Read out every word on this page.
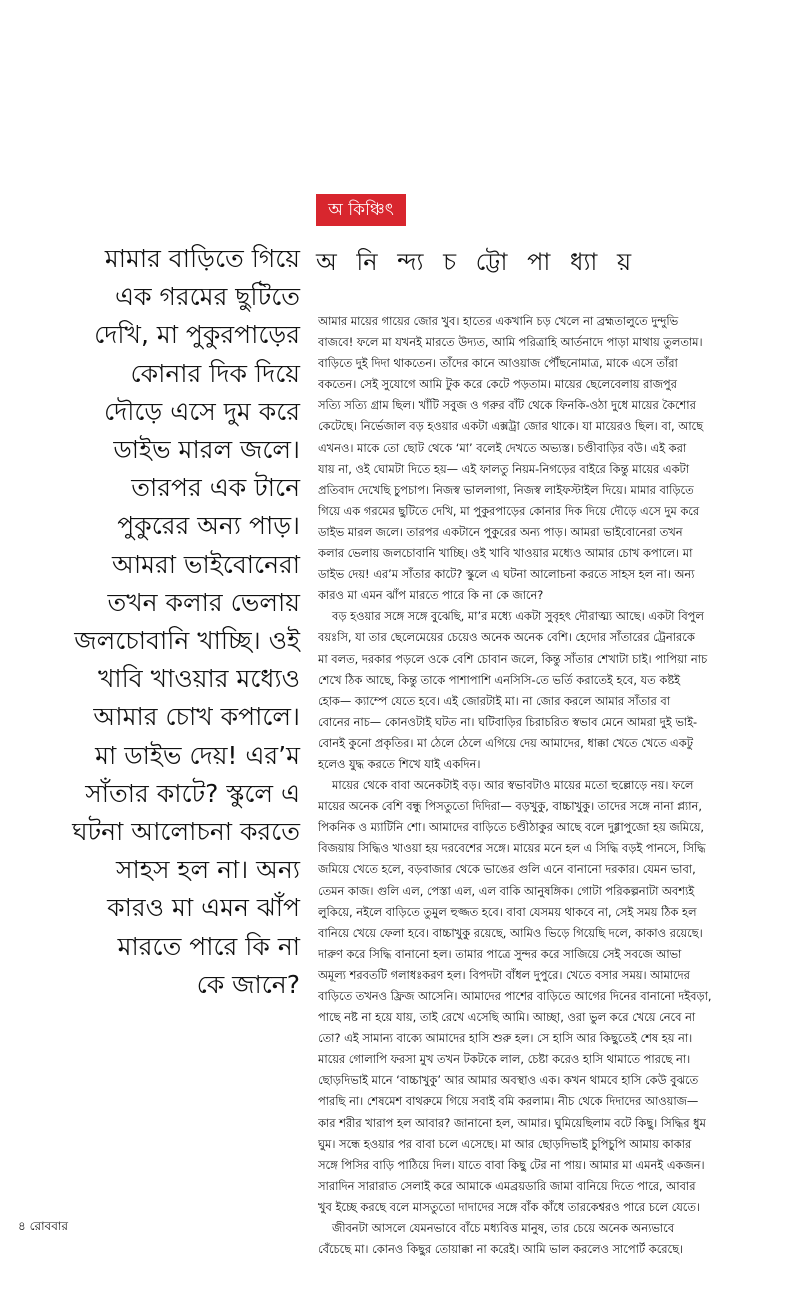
অ কিঞ্চিৎ
অ নি ন্দ্য চ ট্টো পা ধ্যা য়
মামার বাড়িতে গিয়ে
এক গরমের ছুটিতে
দেখি, মা পুকুরপাড়ের
কোনার দিক দিয়ে
দৌড়ে এসে দুম করে
ডাইভ মারল জলে।
তারপর এক টানে
পুকুরের অন্য পাড়।
আমরা ভাইবোনেরা
তখন কলার ভেলায়
জলচোবানি খাচ্ছি। ওই
খাবি খাওয়ার মধ্যেও
আমার চোখ কপালে।
মা ডাইভ দেয়! এর’ম
সাঁতার কাটে? স্কুলে এ
ঘটনা আলোচনা করতে
সাহস হল না। অন্য
কারও মা এমন ঝাঁপ
মারতে পারে কি না
কে জানে?
আমার মায়ের গায়ের জোর খুব। হাতের একখানি চড় খেলে না ব্রহ্মতালুতে দুন্দুভি
বাজবে! ফলে মা যখনই মারতে উদ্যত, আমি পরিত্রাহি আর্তনাদে পাড়া মাথায় তুলতাম।
বাড়িতে দুই দিদা থাকতেন। তাঁদের কানে আওয়াজ পৌঁছনোমাত্র, মাকে এসে তাঁরা
বকতেন। সেই সুযোগে আমি টুক করে কেটে পড়তাম। মায়ের ছেলেবেলায় রাজপুর
সত্যি সত্যি গ্রাম ছিল। খাঁটি সবুজ ও গরুর বাঁট থেকে ফিনকি-ওঠা দুধে মায়ের কৈশোর
কেটেছে। নির্ভেজাল বড় হওয়ার একটা এক্সট্রা জোর থাকে। যা মায়েরও ছিল। বা, আছে
এখনও। মাকে তো ছোট থেকে ‘মা’ বলেই দেখতে অভ্যস্ত। চণ্ডীবাড়ির বউ। এই করা
যায় না, ওই ঘোমটা দিতে হয়— এই ফালতু নিয়ম-নিগড়ের বাইরে কিন্তু মায়ের একটা
প্রতিবাদ দেখেছি চুপচাপ। নিজস্ব ভাললাগা, নিজস্ব লাইফস্টাইল দিয়ে। মামার বাড়িতে
গিয়ে এক গরমের ছুটিতে দেখি, মা পুকুরপাড়ের কোনার দিক দিয়ে দৌড়ে এসে দুম করে
ডাইভ মারল জলে। তারপর একটানে পুকুরের অন্য পাড়। আমরা ভাইবোনেরা তখন
কলার ভেলায় জলচোবানি খাচ্ছি। ওই খাবি খাওয়ার মধ্যেও আমার চোখ কপালে। মা
ডাইভ দেয়! এর’ম সাঁতার কাটে? স্কুলে এ ঘটনা আলোচনা করতে সাহস হল না। অন্য
কারও মা এমন ঝাঁপ মারতে পারে কি না কে জানে?
বড় হওয়ার সঙ্গে সঙ্গে বুঝেছি, মা’র মধ্যে একটা সুবৃহৎ দৌরাত্ম্য আছে। একটা বিপুল
বয়ঃসি, যা তার ছেলেমেয়ের চেয়েও অনেক অনেক বেশি। হেদোর সাঁতারের ট্রেনারকে
মা বলত, দরকার পড়লে ওকে বেশি চোবান জলে, কিন্তু সাঁতার শেখাটা চাই। পাপিয়া নাচ
শেখে ঠিক আছে, কিন্তু তাকে পাশাপাশি এনসিসি-তে ভর্তি করাতেই হবে, যত কষ্টই
হোক— ক্যাম্পে যেতে হবে। এই জোরটাই মা। না জোর করলে আমার সাঁতার বা
বোনের নাচ— কোনওটাই ঘটত না। ঘটিবাড়ির চিরাচরিত স্বভাব মেনে আমরা দুই ভাই-
বোনই কুনো প্রকৃতির। মা ঠেলে ঠেলে এগিয়ে দেয় আমাদের, ধাক্কা খেতে খেতে একটু
হলেও যুদ্ধ করতে শিখে যাই একদিন।
মায়ের থেকে বাবা অনেকটাই বড়। আর স্বভাবটাও মায়ের মতো হুল্লোড়ে নয়। ফলে
মায়ের অনেক বেশি বন্ধু পিসতুতো দিদিরা— বড়খুকু, বাচ্চাখুকু। তাদের সঙ্গে নানা প্ল্যান,
পিকনিক ও ম্যাটিনি শো। আমাদের বাড়িতে চণ্ডীঠাকুর আছে বলে দুগ্গাপুজো হয় জমিয়ে,
বিজয়ায় সিদ্ধিও খাওয়া হয় দরবেশের সঙ্গে। মায়ের মনে হল এ সিদ্ধি বড়ই পানসে, সিদ্ধি
জমিয়ে খেতে হলে, বড়বাজার থেকে ভাঙের গুলি এনে বানানো দরকার। যেমন ভাবা,
তেমন কাজ। গুলি এল, পেস্তা এল, এল বাকি আনুষঙ্গিক। গোটা পরিকল্পনাটা অবশ্যই
লুকিয়ে, নইলে বাড়িতে তুমুল হুজ্জত হবে। বাবা যেসময় থাকবে না, সেই সময় ঠিক হল
বানিয়ে খেয়ে ফেলা হবে। বাচ্চাখুকু রয়েছে, আমিও ভিড়ে গিয়েছি দলে, কাকাও রয়েছে।
দারুণ করে সিদ্ধি বানানো হল। তামার পাত্রে সুন্দর করে সাজিয়ে সেই সবজে আভা
অমূল্য শরবতটি গলাধঃকরণ হল। বিপদটা বাঁধল দুপুরে। খেতে বসার সময়। আমাদের
বাড়িতে তখনও ফ্রিজ আসেনি। আমাদের পাশের বাড়িতে আগের দিনের বানানো দইবড়া,
পাছে নষ্ট না হয়ে যায়, তাই রেখে এসেছি আমি। আচ্ছা, ওরা ভুল করে খেয়ে নেবে না
তো? এই সামান্য বাক্যে আমাদের হাসি শুরু হল। সে হাসি আর কিছুতেই শেষ হয় না।
মায়ের গোলাপি ফরসা মুখ তখন টকটকে লাল, চেষ্টা করেও হাসি থামাতে পারছে না।
ছোড়দিভাই মানে ‘বাচ্চাখুকু’ আর আমার অবস্থাও এক। কখন থামবে হাসি কেউ বুঝতে
পারছি না। শেষমেশ বাথরুমে গিয়ে সবাই বমি করলাম। নীচ থেকে দিদাদের আওয়াজ—
কার শরীর খারাপ হল আবার? জানানো হল, আমার। ঘুমিয়েছিলাম বটে কিছু। সিদ্ধির ধুম
ঘুম। সন্ধে হওয়ার পর বাবা চলে এসেছে। মা আর ছোড়দিভাই চুপিচুপি আমায় কাকার
সঙ্গে পিসির বাড়ি পাঠিয়ে দিল। যাতে বাবা কিছু টের না পায়। আমার মা এমনই একজন।
সারাদিন সারারাত সেলাই করে আমাকে এমব্রয়ডারি জামা বানিয়ে দিতে পারে, আবার
খুব ইচ্ছে করছে বলে মাসতুতো দাদাদের সঙ্গে বাঁক কাঁধে তারকেশ্বরও পারে চলে যেতে।
জীবনটা আসলে যেমনভাবে বাঁচে মধ্যবিত্ত মানুষ, তার চেয়ে অনেক অন্যভাবে
বেঁচেছে মা। কোনও কিছুর তোয়াক্কা না করেই। আমি ভাল করলেও সাপোর্ট করেছে।
৪ রোববার
